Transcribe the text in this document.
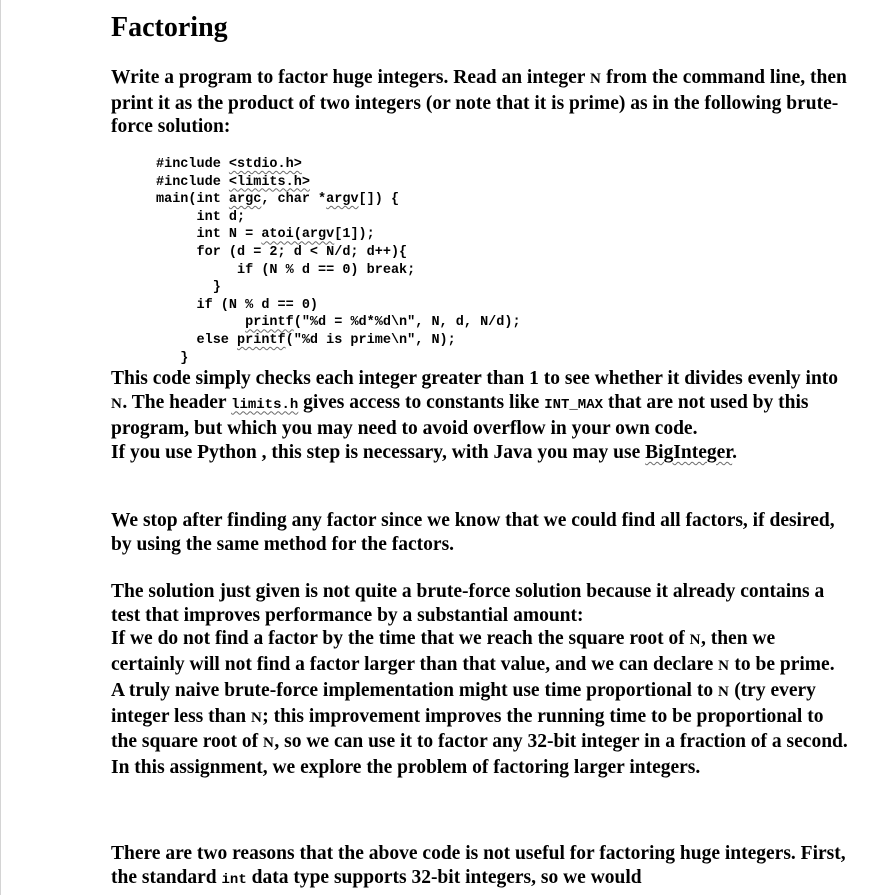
Factoring

Write a program to factor huge integers. Read an integer N from the command line, then print it as the product of two integers (or note that it is prime) as in the following brute-force solution:

#include <stdio.h>
#include <limits.h>
main(int argc, char *argv[]) {
int d;
int N = atoi(argv[1]);
for (d = 2; d < N/d; d++){
if (N % d == 0) break;
}
if (N % d == 0)
printf("%d = %d*%d\n", N, d, N/d);
else printf("%d is prime\n", N);
}

This code simply checks each integer greater than 1 to see whether it divides evenly into N. The header limits.h gives access to constants like INT_MAX that are not used by this program, but which you may need to avoid overflow in your own code.
If you use Python , this step is necessary, with Java you may use BigInteger.

We stop after finding any factor since we know that we could find all factors, if desired, by using the same method for the factors.

The solution just given is not quite a brute-force solution because it already contains a test that improves performance by a substantial amount:
If we do not find a factor by the time that we reach the square root of N, then we certainly will not find a factor larger than that value, and we can declare N to be prime.
A truly naive brute-force implementation might use time proportional to N (try every integer less than N; this improvement improves the running time to be proportional to the square root of N, so we can use it to factor any 32-bit integer in a fraction of a second.
In this assignment, we explore the problem of factoring larger integers.

There are two reasons that the above code is not useful for factoring huge integers. First, the standard int data type supports 32-bit integers, so we would
